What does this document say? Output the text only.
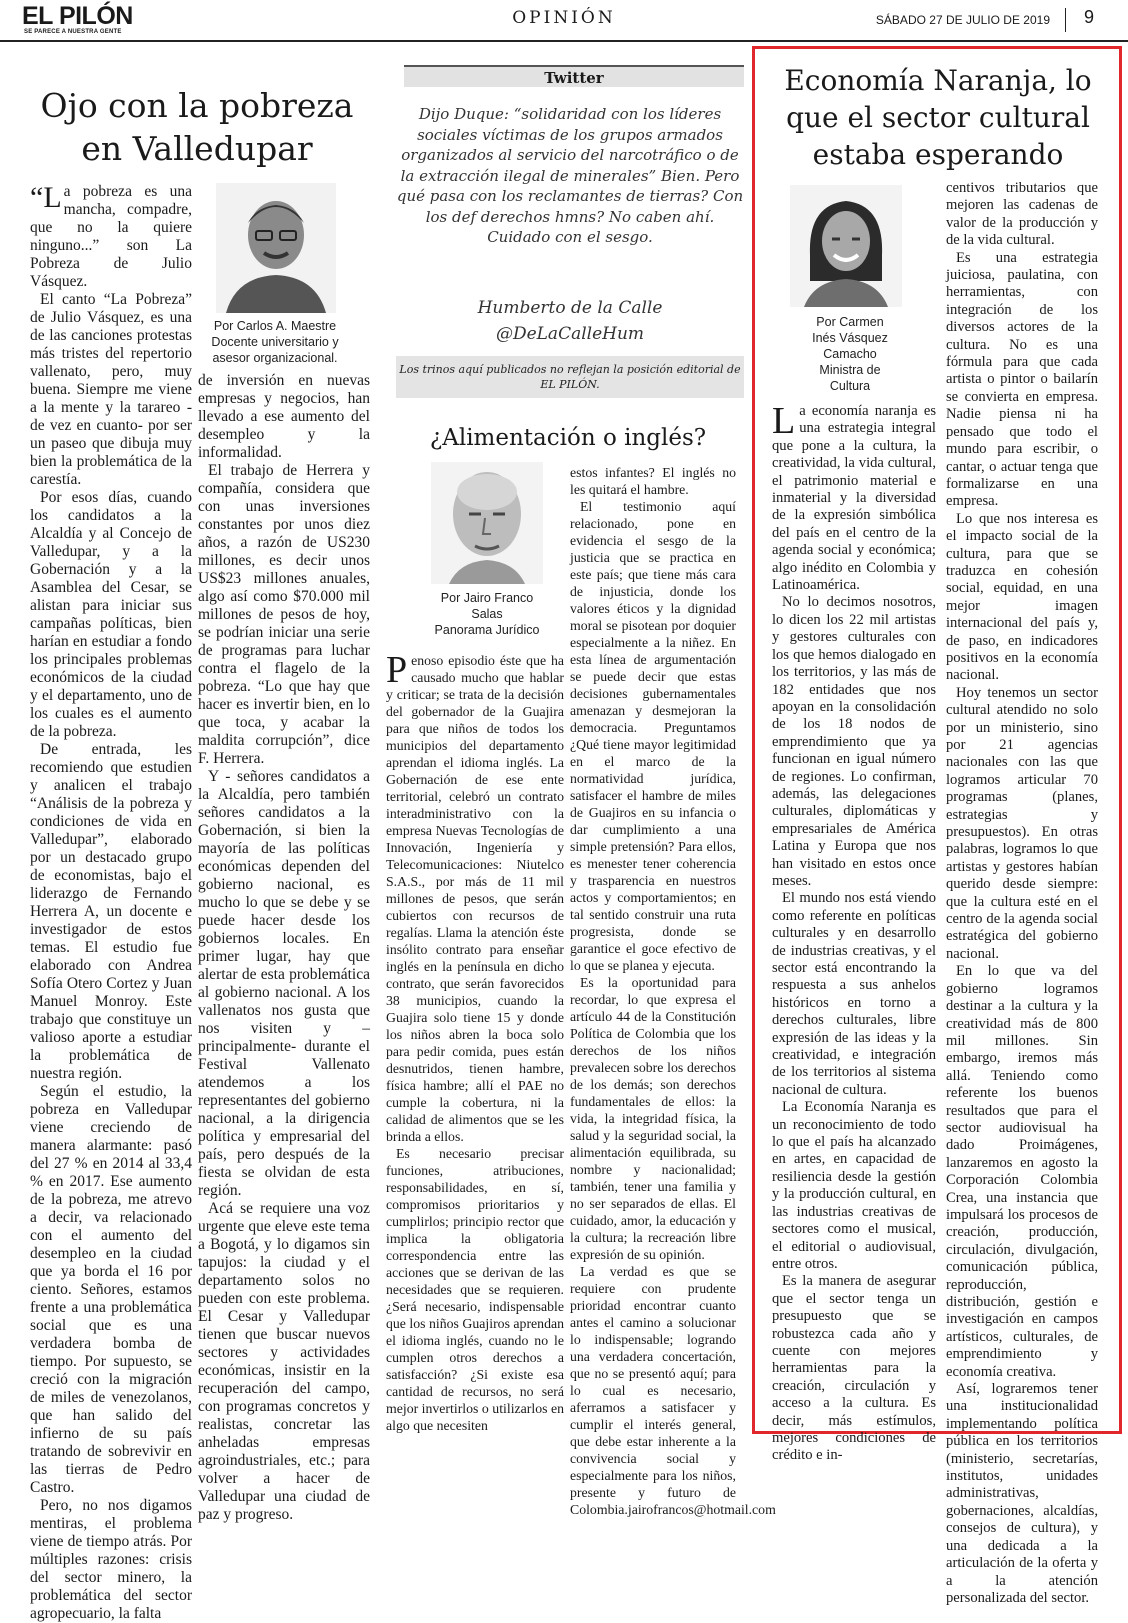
EL PILÓN
SE PARECE A NUESTRA GENTE
OPINIÓN	SÁBADO 27 DE JULIO DE 2019 9
Ojo con la pobreza en Valledupar
Por Carlos A. Maestre
Docente universitario y
asesor organizacional.

“La pobreza es una mancha, compadre, que no la quiere ninguno...” son La Pobreza de Julio Vásquez.

El canto “La Pobreza” de Julio Vásquez, es una de las canciones protestas más tristes del repertorio vallenato, pero, muy buena. Siempre me viene a la mente y la tarareo - de vez en cuanto- por ser un paseo que dibuja muy bien la problemática de la carestía.

Por esos días, cuando los candidatos a la Alcaldía y al Concejo de Valledupar, y a la Gobernación y a la Asamblea del Cesar, se alistan para iniciar sus campañas políticas, bien harían en estudiar a fondo los principales problemas económicos de la ciudad y el departamento, uno de los cuales es el aumento de la pobreza.

De entrada, les recomiendo que estudien y analicen el trabajo “Análisis de la pobreza y condiciones de vida en Valledupar”, elaborado por un destacado grupo de economistas, bajo el liderazgo de Fernando Herrera A, un docente e investigador de estos temas. El estudio fue elaborado con Andrea Sofía Otero Cortez y Juan Manuel Monroy. Este trabajo que constituye un valioso aporte a estudiar la problemática de nuestra región.

Según el estudio, la pobreza en Valledupar viene creciendo de manera alarmante: pasó del 27 % en 2014 al 33,4 % en 2017. Ese aumento de la pobreza, me atrevo a decir, va relacionado con el aumento del desempleo en la ciudad que ya borda el 16 por ciento. Señores, estamos frente a una problemática social que es una verdadera bomba de tiempo. Por supuesto, se creció con la migración de miles de venezolanos, que han salido del infierno de su país tratando de sobrevivir en las tierras de Pedro Castro.

Pero, no nos digamos mentiras, el problema viene de tiempo atrás. Por múltiples razones: crisis del sector minero, la problemática del sector agropecuario, la falta

de inversión en nuevas empresas y negocios, han llevado a ese aumento del desempleo y la informalidad.

El trabajo de Herrera y compañía, considera que con unas inversiones constantes por unos diez años, a razón de US230 millones, es decir unos US$23 millones anuales, algo así como $70.000 mil millones de pesos de hoy, se podrían iniciar una serie de programas para luchar contra el flagelo de la pobreza. “Lo que hay que hacer es invertir bien, en lo que toca, y acabar la maldita corrupción”, dice F. Herrera.

Y - señores candidatos a la Alcaldía, pero también señores candidatos a la Gobernación, si bien la mayoría de las políticas económicas dependen del gobierno nacional, es mucho lo que se debe y se puede hacer desde los gobiernos locales. En primer lugar, hay que alertar de esta problemática al gobierno nacional. A los vallenatos nos gusta que nos visiten y –principalmente- durante el Festival Vallenato atendemos a los representantes del gobierno nacional, a la dirigencia política y empresarial del país, pero después de la fiesta se olvidan de esta región.

Acá se requiere una voz urgente que eleve este tema a Bogotá, y lo digamos sin tapujos: la ciudad y el departamento solos no pueden con este problema. El Cesar y Valledupar tienen que buscar nuevos sectores y actividades económicas, insistir en la recuperación del campo, con programas concretos y realistas, concretar las anheladas empresas agroindustriales, etc.; para volver a hacer de Valledupar una ciudad de paz y progreso.

Twitter
Dijo Duque: “solidaridad con los líderes sociales víctimas de los grupos armados organizados al servicio del narcotráfico o de la extracción ilegal de minerales” Bien. Pero qué pasa con los reclamantes de tierras? Con los def derechos hmns? No caben ahí. Cuidado con el sesgo.
Humberto de la Calle
@DeLaCalleHum
Los trinos aquí publicados no reflejan la posición editorial de EL PILÓN.
¿Alimentación o inglés?
Por Jairo Franco
Salas
Panorama Jurídico

Penoso episodio éste que ha causado mucho que hablar y criticar; se trata de la decisión del gobernador de la Guajira para que niños de todos los municipios del departamento aprendan el idioma inglés. La Gobernación de ese ente territorial, celebró un contrato interadministrativo con la empresa Nuevas Tecnologías de Innovación, Ingeniería y Telecomunicaciones: Niutelco S.A.S., por más de 11 mil millones de pesos, que serán cubiertos con recursos de regalías. Llama la atención éste insólito contrato para enseñar inglés en la península en dicho contrato, que serán favorecidos 38 municipios, cuando la Guajira solo tiene 15 y donde los niños abren la boca solo para pedir comida, pues están desnutridos, tienen hambre, física hambre; allí el PAE no cumple la cobertura, ni la calidad de alimentos que se les brinda a ellos.

Es necesario precisar funciones, atribuciones, responsabilidades, en sí, compromisos prioritarios y cumplirlos; principio rector que implica la obligatoria correspondencia entre las acciones que se derivan de las necesidades que se requieren. ¿Será necesario, indispensable que los niños Guajiros aprendan el idioma inglés, cuando no le cumplen otros derechos a satisfacción? ¿Si existe esa cantidad de recursos, no será mejor invertirlos o utilizarlos en algo que necesiten

estos infantes? El inglés no les quitará el hambre.

El testimonio aquí relacionado, pone en evidencia el sesgo de la justicia que se practica en este país; que tiene más cara de injusticia, donde los valores éticos y la dignidad moral se pisotean por doquier especialmente a la niñez. En esta línea de argumentación se puede decir que estas decisiones gubernamentales amenazan y desmejoran la democracia. Preguntamos ¿Qué tiene mayor legitimidad en el marco de la normatividad jurídica, satisfacer el hambre de miles de Guajiros en su infancia o dar cumplimiento a una simple pretensión? Para ellos, es menester tener coherencia y trasparencia en nuestros actos y comportamientos; en tal sentido construir una ruta progresista, donde se garantice el goce efectivo de lo que se planea y ejecuta.

Es la oportunidad para recordar, lo que expresa el artículo 44 de la Constitución Política de Colombia que los derechos de los niños prevalecen sobre los derechos de los demás; son derechos fundamentales de ellos: la vida, la integridad física, la salud y la seguridad social, la alimentación equilibrada, su nombre y nacionalidad; también, tener una familia y no ser separados de ellas. El cuidado, amor, la educación y la cultura; la recreación libre expresión de su opinión.

La verdad es que se requiere con prudente prioridad encontrar cuanto antes el camino a solucionar lo indispensable; logrando una verdadera concertación, que no se presentó aquí; para lo cual es necesario, aferramos a satisfacer y cumplir el interés general, que debe estar inherente a la convivencia social y especialmente para los niños, presente y futuro de Colombia.jairofrancos@hotmail.com

Economía Naranja, lo que el sector cultural estaba esperando
Por Carmen
Inés Vásquez
Camacho
Ministra de
Cultura

La economía naranja es una estrategia integral que pone a la cultura, la creatividad, la vida cultural, el patrimonio material e inmaterial y la diversidad de la expresión simbólica del país en el centro de la agenda social y económica; algo inédito en Colombia y Latinoamérica.

No lo decimos nosotros, lo dicen los 22 mil artistas y gestores culturales con los que hemos dialogado en los territorios, y las más de 182 entidades que nos apoyan en la consolidación de los 18 nodos de emprendimiento que ya funcionan en igual número de regiones. Lo confirman, además, las delegaciones culturales, diplomáticas y empresariales de América Latina y Europa que nos han visitado en estos once meses.

El mundo nos está viendo como referente en políticas culturales y en desarrollo de industrias creativas, y el sector está encontrando la respuesta a sus anhelos históricos en torno a derechos culturales, libre expresión de las ideas y la creatividad, e integración de los territorios al sistema nacional de cultura.

La Economía Naranja es un reconocimiento de todo lo que el país ha alcanzado en artes, en capacidad de resiliencia desde la gestión y la producción cultural, en las industrias creativas de sectores como el musical, el editorial o audiovisual, entre otros.

Es la manera de asegurar que el sector tenga un presupuesto que se robustezca cada año y cuente con mejores herramientas para la creación, circulación y acceso a la cultura. Es decir, más estímulos, mejores condiciones de crédito e in-

centivos tributarios que mejoren las cadenas de valor de la producción y de la vida cultural.

Es una estrategia juiciosa, paulatina, con herramientas, con integración de los diversos actores de la cultura. No es una fórmula para que cada artista o pintor o bailarín se convierta en empresa. Nadie piensa ni ha pensado que todo el mundo para escribir, o cantar, o actuar tenga que formalizarse en una empresa.

Lo que nos interesa es el impacto social de la cultura, para que se traduzca en cohesión social, equidad, en una mejor imagen internacional del país y, de paso, en indicadores positivos en la economía nacional.

Hoy tenemos un sector cultural atendido no solo por un ministerio, sino por 21 agencias nacionales con las que logramos articular 70 programas (planes, estrategias y presupuestos). En otras palabras, logramos lo que artistas y gestores habían querido desde siempre: que la cultura esté en el centro de la agenda social estratégica del gobierno nacional.

En lo que va del gobierno logramos destinar a la cultura y la creatividad más de 800 mil millones. Sin embargo, iremos más allá. Teniendo como referente los buenos resultados que para el sector audiovisual ha dado Proimágenes, lanzaremos en agosto la Corporación Colombia Crea, una instancia que impulsará los procesos de creación, producción, circulación, divulgación, comunicación pública, reproducción, distribución, gestión e investigación en campos artísticos, culturales, de emprendimiento y economía creativa.

Así, lograremos tener una institucionalidad implementando política pública en los territorios (ministerio, secretarías, institutos, unidades administrativas, gobernaciones, alcaldías, consejos de cultura), y una dedicada a la articulación de la oferta y a la atención personalizada del sector.
